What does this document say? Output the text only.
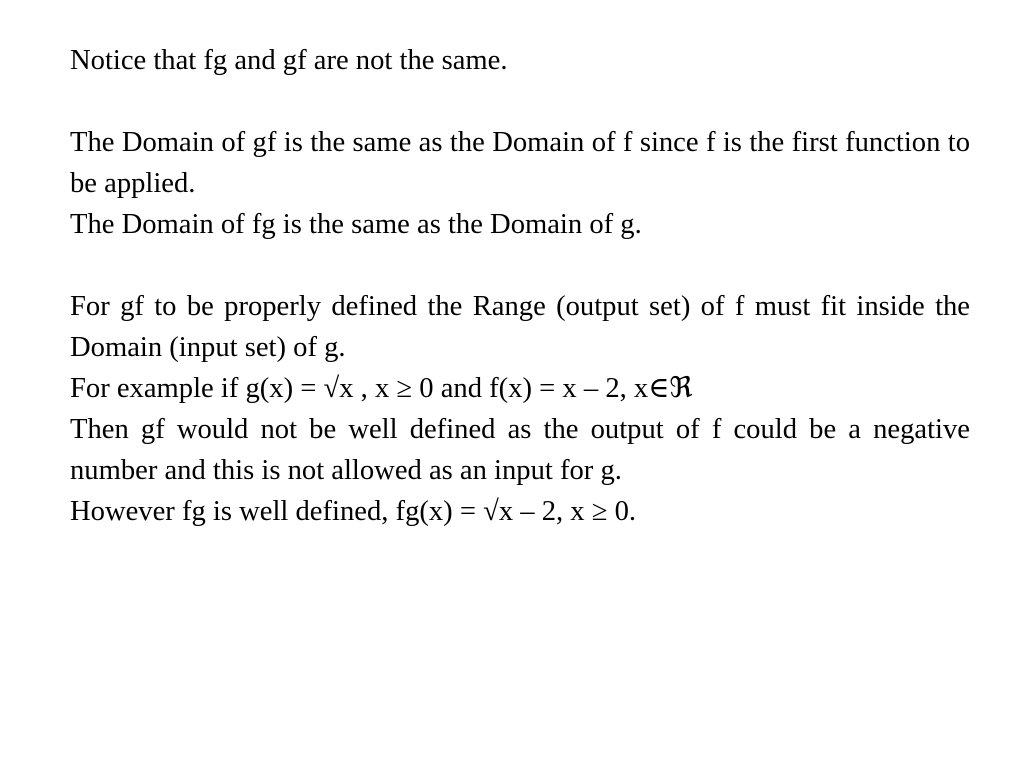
Notice that fg and gf are not the same.

The Domain of gf is the same as the Domain of f since f is the first function to be applied.

The Domain of fg is the same as the Domain of g.

For gf to be properly defined the Range (output set) of f must fit inside the Domain (input set) of g.

For example if g(x) = √x , x ≥ 0 and f(x) = x – 2, x∈ℜ

Then gf would not be well defined as the output of f could be a negative number and this is not allowed as an input for g.

However fg is well defined, fg(x) = √x – 2, x ≥ 0.
